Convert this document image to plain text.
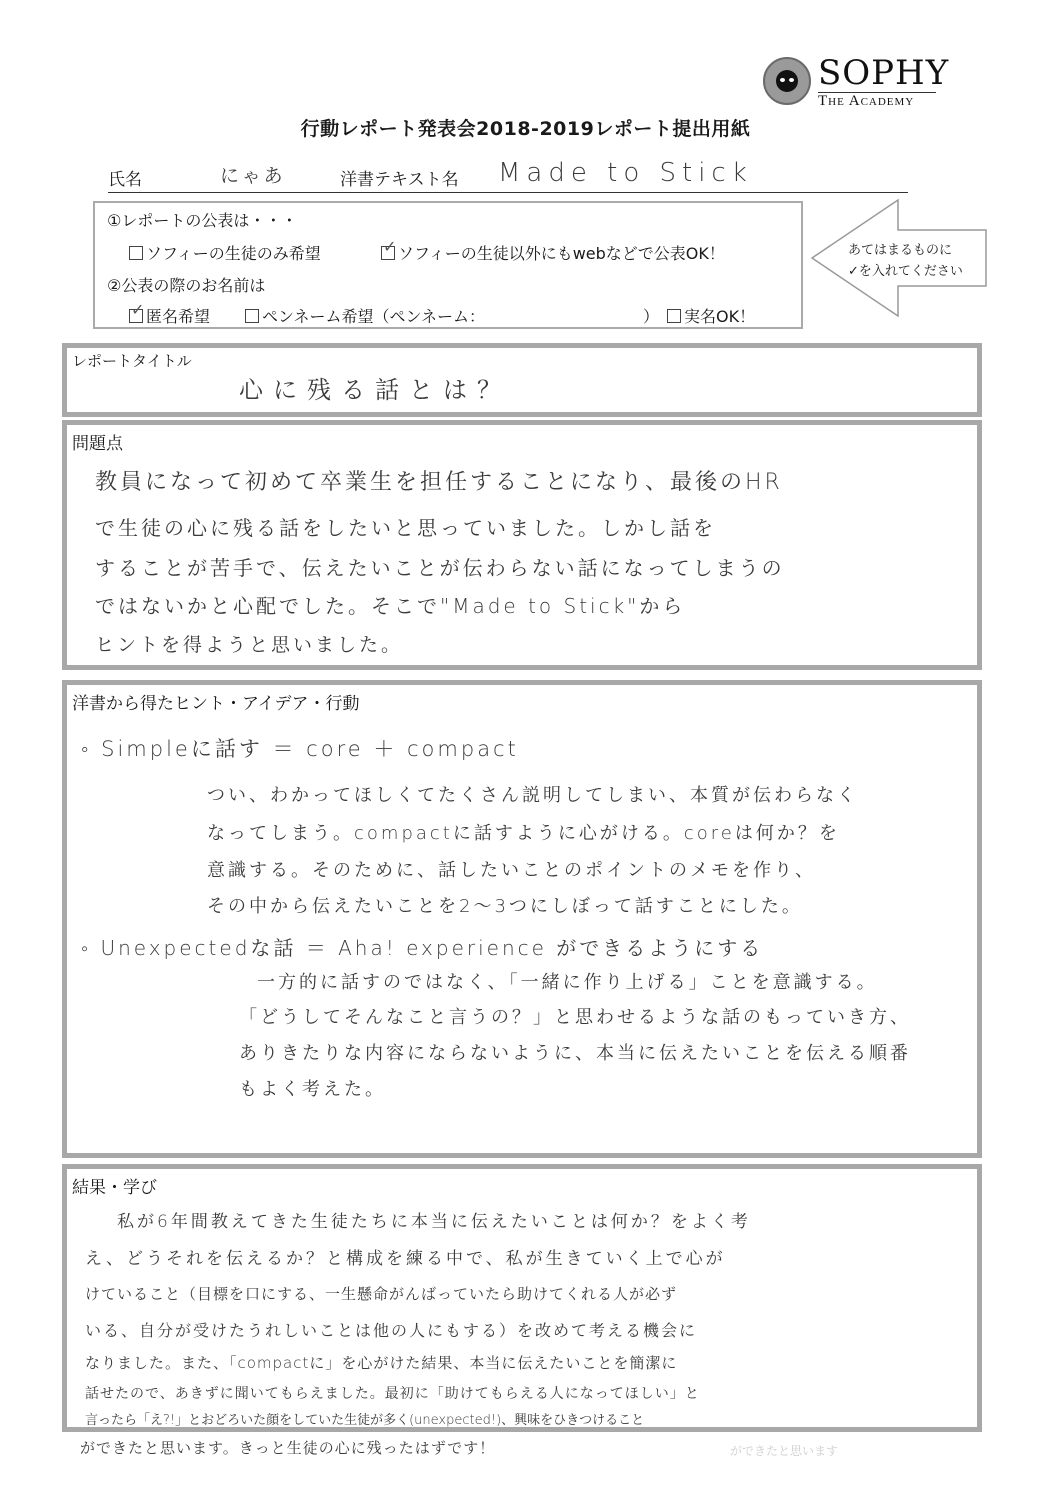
SOPHY
The Academy
行動レポート発表会2018-2019レポート提出用紙
氏名	にゃあ	洋書テキスト名 Made to Stick
①レポートの公表は・・・
ソフィーの生徒のみ希望 ✓	ソフィーの生徒以外にもwebなどで公表OK！
②公表の際のお名前は
✓匿名希望	ペンネーム希望（ペンネーム：	）	実名OK！
あてはまるものに
✓を入れてください
レポートタイトル
心に残る話とは？
問題点
教員になって初めて卒業生を担任することになり、最後のHR
で生徒の心に残る話をしたいと思っていました。しかし話を
することが苦手で、伝えたいことが伝わらない話になってしまうの
ではないかと心配でした。そこで"Made to Stick"から
ヒントを得ようと思いました。
洋書から得たヒント・アイデア・行動
◦ Simpleに話す ＝ core ＋ compact
つい、わかってほしくてたくさん説明してしまい、本質が伝わらなく
なってしまう。compactに話すように心がける。coreは何か？を
意識する。そのために、話したいことのポイントのメモを作り、
その中から伝えたいことを2〜3つにしぼって話すことにした。
◦ Unexpectedな話 ＝ Aha! experience ができるようにする
一方的に話すのではなく、「一緒に作り上げる」ことを意識する。
「どうしてそんなこと言うの？」と思わせるような話のもっていき方、
ありきたりな内容にならないように、本当に伝えたいことを伝える順番
もよく考えた。
結果・学び
私が6年間教えてきた生徒たちに本当に伝えたいことは何か？をよく考
え、どうそれを伝えるか？と構成を練る中で、私が生きていく上で心が
けていること（目標を口にする、一生懸命がんばっていたら助けてくれる人が必ず
いる、自分が受けたうれしいことは他の人にもする）を改めて考える機会に
なりました。また、「compactに」を心がけた結果、本当に伝えたいことを簡潔に
話せたので、あきずに聞いてもらえました。最初に「助けてもらえる人になってほしい」と
言ったら「え?!」とおどろいた顔をしていた生徒が多く(unexpected!)、興味をひきつけること
ができたと思います。きっと生徒の心に残ったはずです！	ができたと思います
